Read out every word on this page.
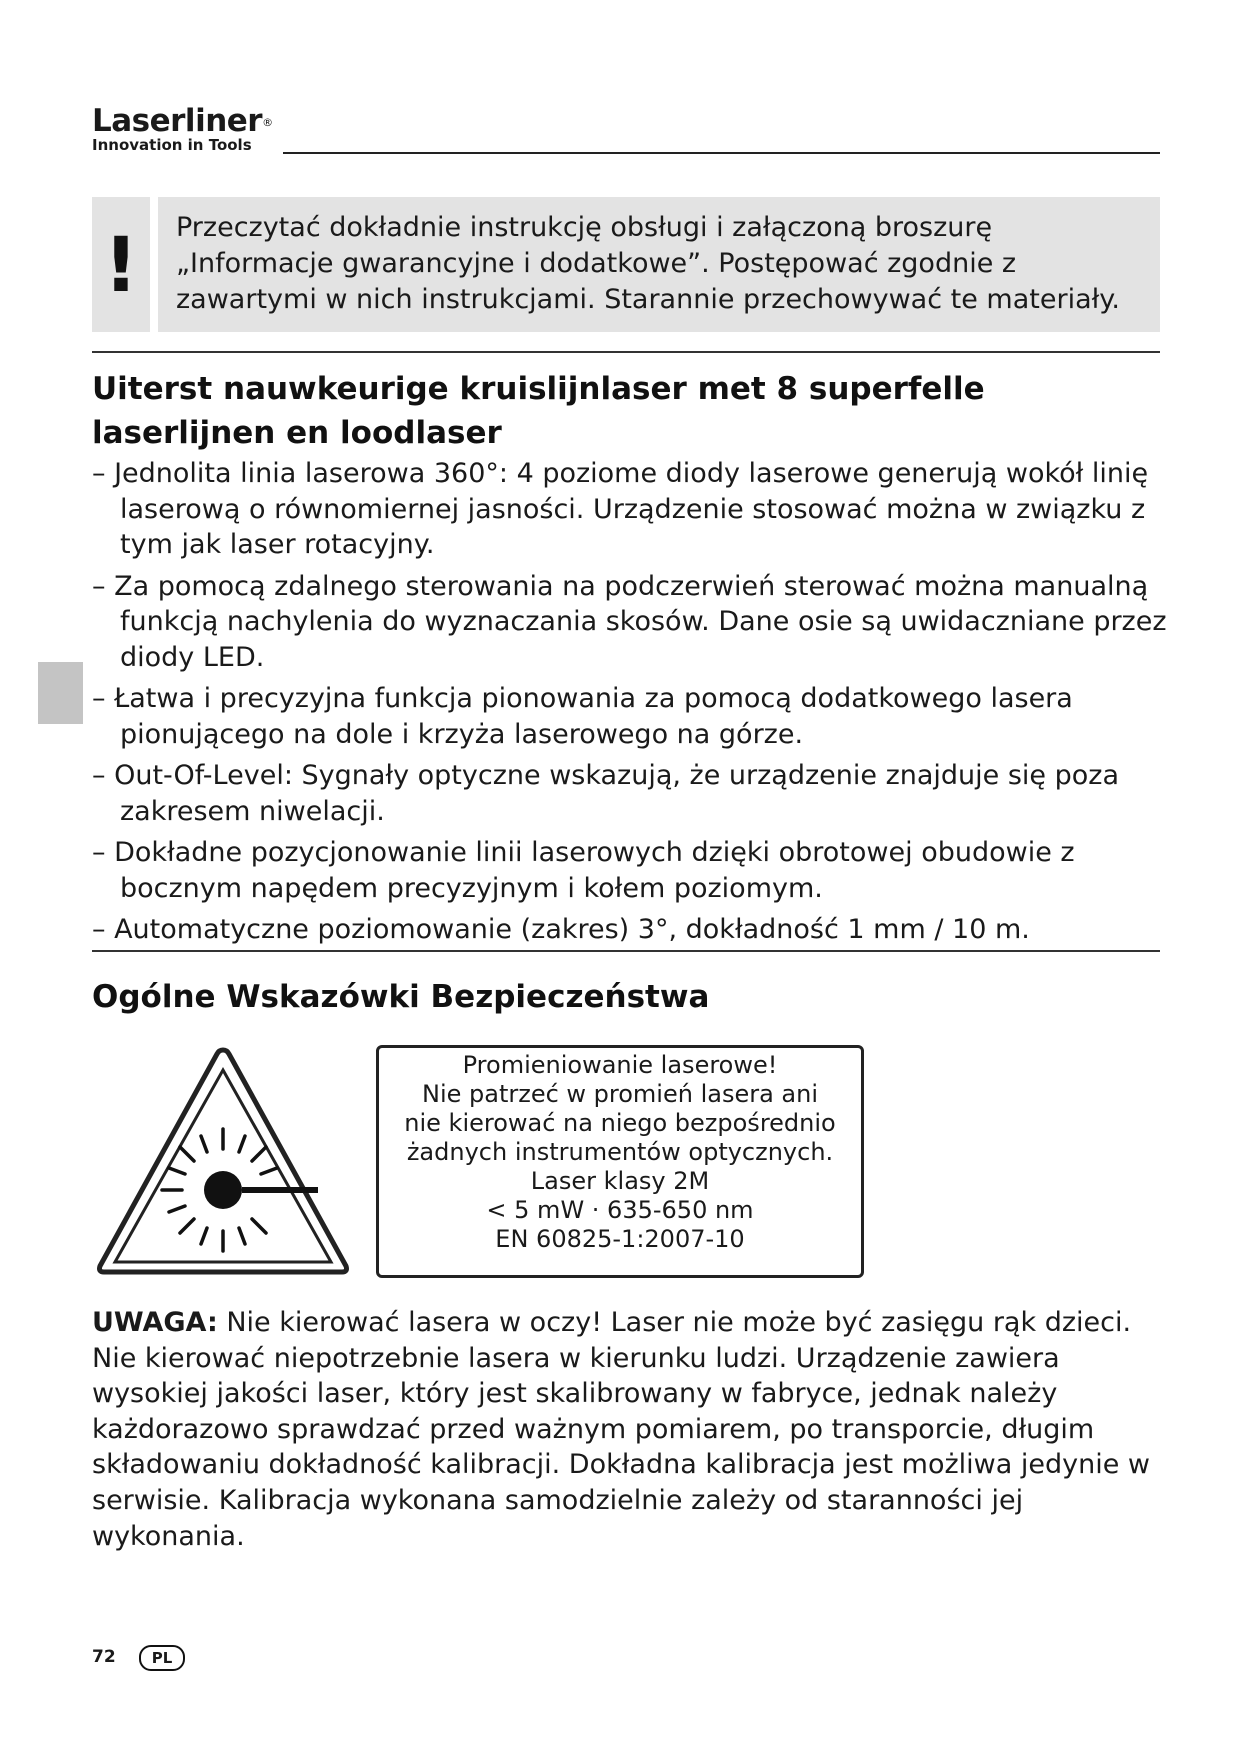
Laserliner®
Innovation in Tools
!	Przeczytać dokładnie instrukcję obsługi i załączoną broszurę „Informacje gwarancyjne i dodatkowe”. Postępować zgodnie z zawartymi w nich instrukcjami. Starannie przechowywać te materiały.

Uiterst nauwkeurige kruislijnlaser met 8 superfelle laserlijnen en loodlaser
– Jednolita linia laserowa 360°: 4 poziome diody laserowe generują wokół linię laserową o równomiernej jasności. Urządzenie stosować można w związku z tym jak laser rotacyjny.
– Za pomocą zdalnego sterowania na podczerwień sterować można manualną funkcją nachylenia do wyznaczania skosów. Dane osie są uwidaczniane przez diody LED.
– Łatwa i precyzyjna funkcja pionowania za pomocą dodatkowego lasera pionującego na dole i krzyża laserowego na górze.
– Out-Of-Level: Sygnały optyczne wskazują, że urządzenie znajduje się poza zakresem niwelacji.
– Dokładne pozycjonowanie linii laserowych dzięki obrotowej obudowie z bocznym napędem precyzyjnym i kołem poziomym.
– Automatyczne poziomowanie (zakres) 3°, dokładność 1 mm / 10 m.
Ogólne Wskazówki Bezpieczeństwa
Promieniowanie laserowe!
Nie patrzeć w promień lasera ani
nie kierować na niego bezpośrednio
żadnych instrumentów optycznych.
Laser klasy 2M
< 5 mW · 635-650 nm
EN 60825-1:2007-10

UWAGA: Nie kierować lasera w oczy! Laser nie może być zasięgu rąk dzieci. Nie kierować niepotrzebnie lasera w kierunku ludzi. Urządzenie zawiera wysokiej jakości laser, który jest skalibrowany w fabryce, jednak należy każdorazowo sprawdzać przed ważnym pomiarem, po transporcie, długim składowaniu dokładność kalibracji. Dokładna kalibracja jest możliwa jedynie w serwisie. Kalibracja wykonana samodzielnie zależy od staranności jej wykonania.

72	PL
